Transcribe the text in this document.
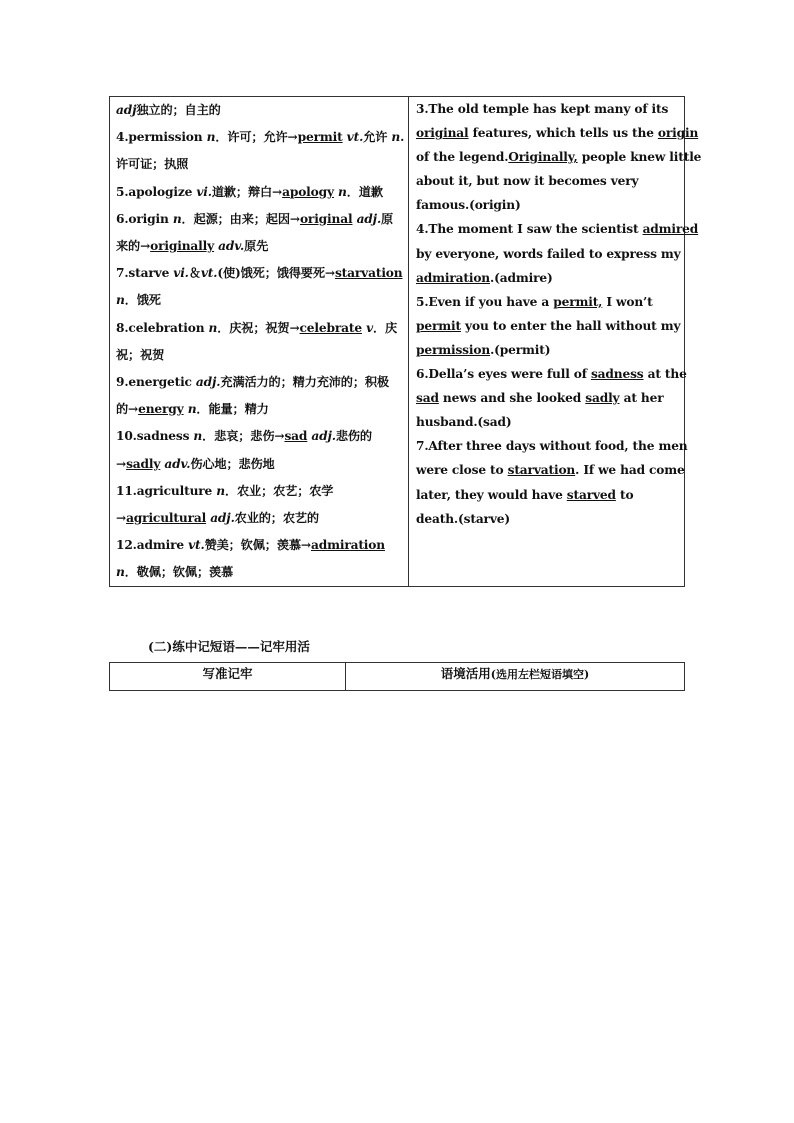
adj独立的；自主的
4.permission n．许可；允许→permit vt.允许 n.
许可证；执照
5.apologize vi.道歉；辩白→apology n．道歉
6.origin n．起源；由来；起因→original adj.原
来的→originally adv.原先
7.starve vi.＆vt.(使)饿死；饿得要死→starvation
n．饿死
8.celebration n．庆祝；祝贺→celebrate v．庆
祝；祝贺
9.energetic adj.充满活力的；精力充沛的；积极
的→energy n．能量；精力
10.sadness n．悲哀；悲伤→sad adj.悲伤的
→sadly adv.伤心地；悲伤地
11.agriculture n．农业；农艺；农学
→agricultural adj.农业的；农艺的
12.admire vt.赞美；钦佩；羡慕→admiration
n．敬佩；钦佩；羡慕
3.The old temple has kept many of its
original features, which tells us the origin
of the legend.Originally, people knew little
about it, but now it becomes very
famous.(origin)
4.The moment I saw the scientist admired
by everyone, words failed to express my
admiration.(admire)
5.Even if you have a permit, I won’t
permit you to enter the hall without my
permission.(permit)
6.Della’s eyes were full of sadness at the
sad news and she looked sadly at her
husband.(sad)
7.After three days without food, the men
were close to starvation. If we had come
later, they would have starved to
death.(starve)
(二)练中记短语——记牢用活
写准记牢	语境活用(选用左栏短语填空)
